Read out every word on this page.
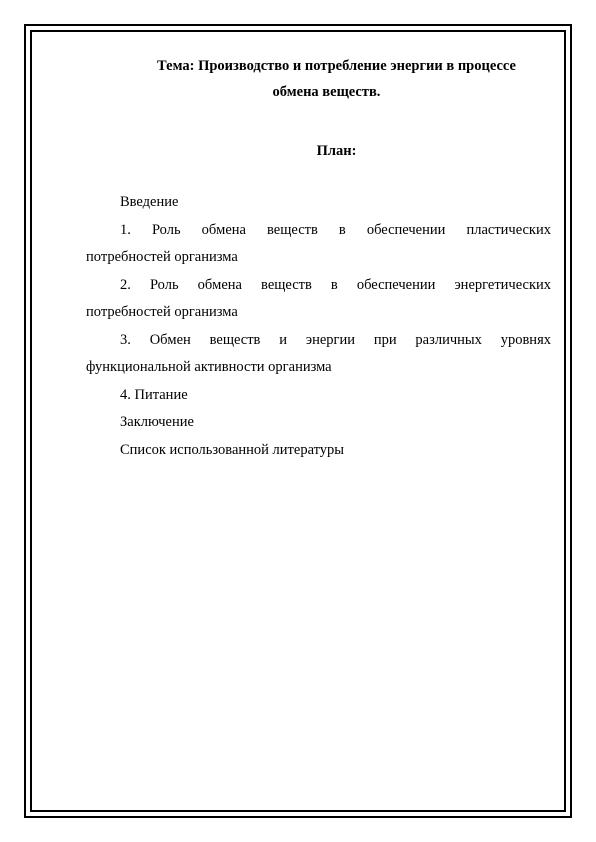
Тема: Производство и потребление энергии в процессе
обмена веществ.

План:

Введение

1. Роль обмена веществ в обеспечении пластических
потребностей организма
2. Роль обмена веществ в обеспечении энергетических
потребностей организма
3. Обмен веществ и энергии при различных уровнях
функциональной активности организма

4. Питание

Заключение

Список использованной литературы
